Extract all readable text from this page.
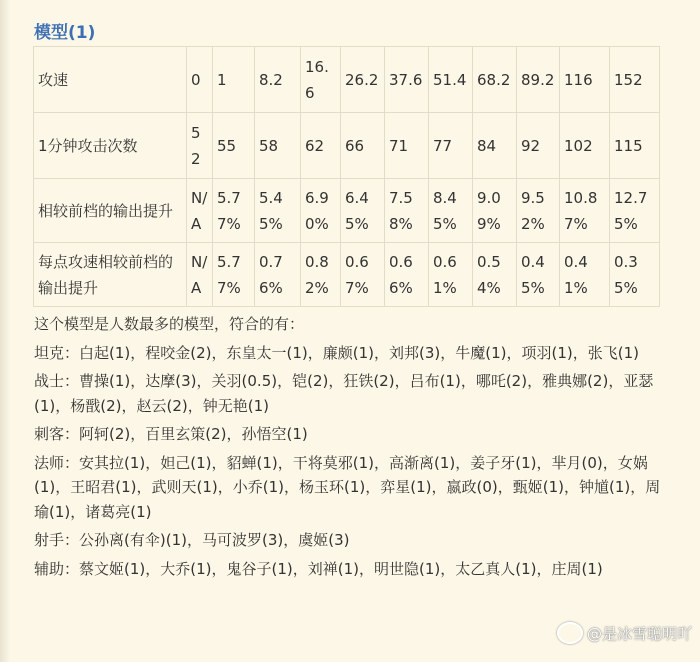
模型(1)
攻速	0	1	8.2	16.6	26.2	37.6	51.4	68.2	89.2	116	152
1分钟攻击次数	52	55	58	62	66	71	77	84	92	102	115
相较前档的输出提升	N/A	5.77%	5.45%	6.90%	6.45%	7.58%	8.45%	9.09%	9.52%	10.87%	12.75%
每点攻速相较前档的输出提升	N/A	5.77%	0.76%	0.82%	0.67%	0.66%	0.61%	0.54%	0.45%	0.41%	0.35%

这个模型是人数最多的模型，符合的有：

坦克：白起(1)，程咬金(2)，东皇太一(1)，廉颇(1)，刘邦(3)，牛魔(1)，项羽(1)，张飞(1)

战士：曹操(1)，达摩(3)，关羽(0.5)，铠(2)，狂铁(2)，吕布(1)，哪吒(2)，雅典娜(2)，亚瑟(1)，杨戬(2)，赵云(2)，钟无艳(1)

刺客：阿轲(2)，百里玄策(2)，孙悟空(1)

法师：安其拉(1)，妲己(1)，貂蝉(1)，干将莫邪(1)，高渐离(1)，姜子牙(1)，芈月(0)，女娲(1)，王昭君(1)，武则天(1)，小乔(1)，杨玉环(1)，弈星(1)，嬴政(0)，甄姬(1)，钟馗(1)，周瑜(1)，诸葛亮(1)

射手：公孙离(有伞)(1)，马可波罗(3)，虞姬(3)

辅助：蔡文姬(1)，大乔(1)，鬼谷子(1)，刘禅(1)，明世隐(1)，太乙真人(1)，庄周(1)

@是冰雪聪明吖
